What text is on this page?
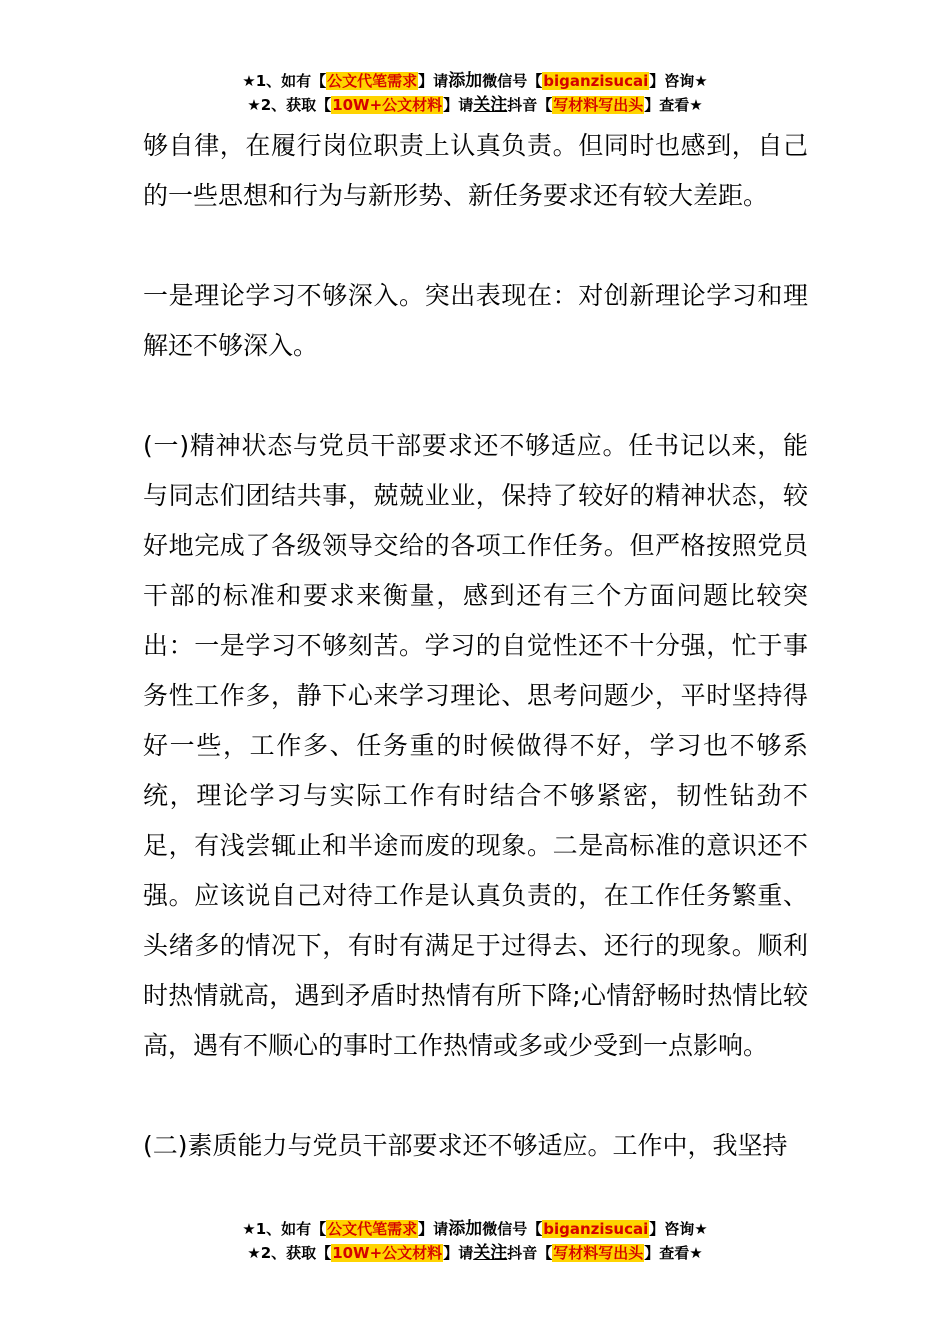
★1、如有【公文代笔需求】请添加微信号【biganzisucai】咨询★
★2、获取【10W+公文材料】请关注抖音【写材料写出头】查看★

够自律，在履行岗位职责上认真负责。但同时也感到，自己的一些思想和行为与新形势、新任务要求还有较大差距。

一是理论学习不够深入。突出表现在：对创新理论学习和理解还不够深入。

(一)精神状态与党员干部要求还不够适应。任书记以来，能与同志们团结共事，兢兢业业，保持了较好的精神状态，较好地完成了各级领导交给的各项工作任务。但严格按照党员干部的标准和要求来衡量，感到还有三个方面问题比较突出：一是学习不够刻苦。学习的自觉性还不十分强，忙于事务性工作多，静下心来学习理论、思考问题少，平时坚持得好一些，工作多、任务重的时候做得不好，学习也不够系统，理论学习与实际工作有时结合不够紧密，韧性钻劲不足，有浅尝辄止和半途而废的现象。二是高标准的意识还不强。应该说自己对待工作是认真负责的，在工作任务繁重、头绪多的情况下，有时有满足于过得去、还行的现象。顺利时热情就高，遇到矛盾时热情有所下降;心情舒畅时热情比较高，遇有不顺心的事时工作热情或多或少受到一点影响。

(二)素质能力与党员干部要求还不够适应。工作中，我坚持

★1、如有【公文代笔需求】请添加微信号【biganzisucai】咨询★
★2、获取【10W+公文材料】请关注抖音【写材料写出头】查看★
